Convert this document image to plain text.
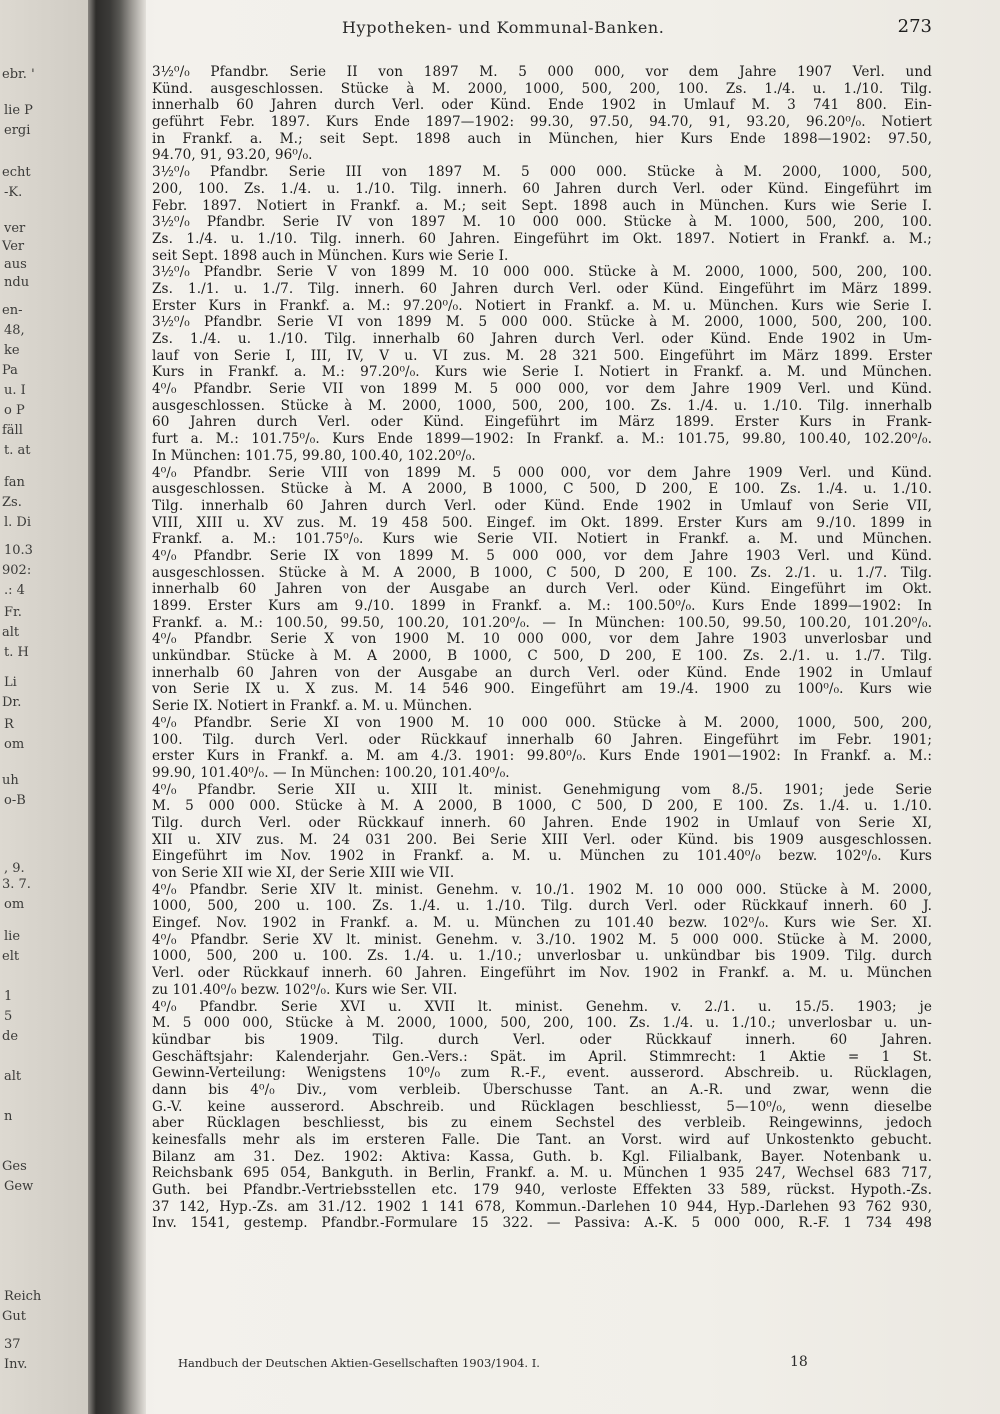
ebr. '
lie P
ergi
echt
-K.
ver
Ver
aus
ndu
en-
48,
ke
Pa
u. I
o P
fäll
t. at
fan
Zs.
l. Di
10.3
902:
.: 4
Fr.
alt
t. H
Li
Dr.
R
om
uh
o-B
, 9.
3. 7.
om
lie
elt
1
5
de
alt
n
Ges
Gew
Reich
Gut
37
Inv.
Hypotheken- und Kommunal-Banken.	273
3½⁰/₀ Pfandbr. Serie II von 1897 M. 5 000 000, vor dem Jahre 1907 Verl. und
Künd. ausgeschlossen. Stücke à M. 2000, 1000, 500, 200, 100. Zs. 1./4. u. 1./10. Tilg.
innerhalb 60 Jahren durch Verl. oder Künd. Ende 1902 in Umlauf M. 3 741 800. Ein-
geführt Febr. 1897. Kurs Ende 1897—1902: 99.30, 97.50, 94.70, 91, 93.20, 96.20⁰/₀. Notiert
in Frankf. a. M.; seit Sept. 1898 auch in München, hier Kurs Ende 1898—1902: 97.50,
94.70, 91, 93.20, 96⁰/₀.
3½⁰/₀ Pfandbr. Serie III von 1897 M. 5 000 000. Stücke à M. 2000, 1000, 500,
200, 100. Zs. 1./4. u. 1./10. Tilg. innerh. 60 Jahren durch Verl. oder Künd. Eingeführt im
Febr. 1897. Notiert in Frankf. a. M.; seit Sept. 1898 auch in München. Kurs wie Serie I.
3½⁰/₀ Pfandbr. Serie IV von 1897 M. 10 000 000. Stücke à M. 1000, 500, 200, 100.
Zs. 1./4. u. 1./10. Tilg. innerh. 60 Jahren. Eingeführt im Okt. 1897. Notiert in Frankf. a. M.;
seit Sept. 1898 auch in München. Kurs wie Serie I.
3½⁰/₀ Pfandbr. Serie V von 1899 M. 10 000 000. Stücke à M. 2000, 1000, 500, 200, 100.
Zs. 1./1. u. 1./7. Tilg. innerh. 60 Jahren durch Verl. oder Künd. Eingeführt im März 1899.
Erster Kurs in Frankf. a. M.: 97.20⁰/₀. Notiert in Frankf. a. M. u. München. Kurs wie Serie I.
3½⁰/₀ Pfandbr. Serie VI von 1899 M. 5 000 000. Stücke à M. 2000, 1000, 500, 200, 100.
Zs. 1./4. u. 1./10. Tilg. innerhalb 60 Jahren durch Verl. oder Künd. Ende 1902 in Um-
lauf von Serie I, III, IV, V u. VI zus. M. 28 321 500. Eingeführt im März 1899. Erster
Kurs in Frankf. a. M.: 97.20⁰/₀. Kurs wie Serie I. Notiert in Frankf. a. M. und München.
4⁰/₀ Pfandbr. Serie VII von 1899 M. 5 000 000, vor dem Jahre 1909 Verl. und Künd.
ausgeschlossen. Stücke à M. 2000, 1000, 500, 200, 100. Zs. 1./4. u. 1./10. Tilg. innerhalb
60 Jahren durch Verl. oder Künd. Eingeführt im März 1899. Erster Kurs in Frank-
furt a. M.: 101.75⁰/₀. Kurs Ende 1899—1902: In Frankf. a. M.: 101.75, 99.80, 100.40, 102.20⁰/₀.
In München: 101.75, 99.80, 100.40, 102.20⁰/₀.
4⁰/₀ Pfandbr. Serie VIII von 1899 M. 5 000 000, vor dem Jahre 1909 Verl. und Künd.
ausgeschlossen. Stücke à M. A 2000, B 1000, C 500, D 200, E 100. Zs. 1./4. u. 1./10.
Tilg. innerhalb 60 Jahren durch Verl. oder Künd. Ende 1902 in Umlauf von Serie VII,
VIII, XIII u. XV zus. M. 19 458 500. Eingef. im Okt. 1899. Erster Kurs am 9./10. 1899 in
Frankf. a. M.: 101.75⁰/₀. Kurs wie Serie VII. Notiert in Frankf. a. M. und München.
4⁰/₀ Pfandbr. Serie IX von 1899 M. 5 000 000, vor dem Jahre 1903 Verl. und Künd.
ausgeschlossen. Stücke à M. A 2000, B 1000, C 500, D 200, E 100. Zs. 2./1. u. 1./7. Tilg.
innerhalb 60 Jahren von der Ausgabe an durch Verl. oder Künd. Eingeführt im Okt.
1899. Erster Kurs am 9./10. 1899 in Frankf. a. M.: 100.50⁰/₀. Kurs Ende 1899—1902: In
Frankf. a. M.: 100.50, 99.50, 100.20, 101.20⁰/₀. — In München: 100.50, 99.50, 100.20, 101.20⁰/₀.
4⁰/₀ Pfandbr. Serie X von 1900 M. 10 000 000, vor dem Jahre 1903 unverlosbar und
unkündbar. Stücke à M. A 2000, B 1000, C 500, D 200, E 100. Zs. 2./1. u. 1./7. Tilg.
innerhalb 60 Jahren von der Ausgabe an durch Verl. oder Künd. Ende 1902 in Umlauf
von Serie IX u. X zus. M. 14 546 900. Eingeführt am 19./4. 1900 zu 100⁰/₀. Kurs wie
Serie IX. Notiert in Frankf. a. M. u. München.
4⁰/₀ Pfandbr. Serie XI von 1900 M. 10 000 000. Stücke à M. 2000, 1000, 500, 200,
100. Tilg. durch Verl. oder Rückkauf innerhalb 60 Jahren. Eingeführt im Febr. 1901;
erster Kurs in Frankf. a. M. am 4./3. 1901: 99.80⁰/₀. Kurs Ende 1901—1902: In Frankf. a. M.:
99.90, 101.40⁰/₀. — In München: 100.20, 101.40⁰/₀.
4⁰/₀ Pfandbr. Serie XII u. XIII lt. minist. Genehmigung vom 8./5. 1901; jede Serie
M. 5 000 000. Stücke à M. A 2000, B 1000, C 500, D 200, E 100. Zs. 1./4. u. 1./10.
Tilg. durch Verl. oder Rückkauf innerh. 60 Jahren. Ende 1902 in Umlauf von Serie XI,
XII u. XIV zus. M. 24 031 200. Bei Serie XIII Verl. oder Künd. bis 1909 ausgeschlossen.
Eingeführt im Nov. 1902 in Frankf. a. M. u. München zu 101.40⁰/₀ bezw. 102⁰/₀. Kurs
von Serie XII wie XI, der Serie XIII wie VII.
4⁰/₀ Pfandbr. Serie XIV lt. minist. Genehm. v. 10./1. 1902 M. 10 000 000. Stücke à M. 2000,
1000, 500, 200 u. 100. Zs. 1./4. u. 1./10. Tilg. durch Verl. oder Rückkauf innerh. 60 J.
Eingef. Nov. 1902 in Frankf. a. M. u. München zu 101.40 bezw. 102⁰/₀. Kurs wie Ser. XI.
4⁰/₀ Pfandbr. Serie XV lt. minist. Genehm. v. 3./10. 1902 M. 5 000 000. Stücke à M. 2000,
1000, 500, 200 u. 100. Zs. 1./4. u. 1./10.; unverlosbar u. unkündbar bis 1909. Tilg. durch
Verl. oder Rückkauf innerh. 60 Jahren. Eingeführt im Nov. 1902 in Frankf. a. M. u. München
zu 101.40⁰/₀ bezw. 102⁰/₀. Kurs wie Ser. VII.
4⁰/₀ Pfandbr. Serie XVI u. XVII lt. minist. Genehm. v. 2./1. u. 15./5. 1903; je
M. 5 000 000, Stücke à M. 2000, 1000, 500, 200, 100. Zs. 1./4. u. 1./10.; unverlosbar u. un-
kündbar bis 1909. Tilg. durch Verl. oder Rückkauf innerh. 60 Jahren.
Geschäftsjahr: Kalenderjahr. Gen.-Vers.: Spät. im April. Stimmrecht: 1 Aktie = 1 St.
Gewinn-Verteilung: Wenigstens 10⁰/₀ zum R.-F., event. ausserord. Abschreib. u. Rücklagen,
dann bis 4⁰/₀ Div., vom verbleib. Überschusse Tant. an A.-R. und zwar, wenn die
G.-V. keine ausserord. Abschreib. und Rücklagen beschliesst, 5—10⁰/₀, wenn dieselbe
aber Rücklagen beschliesst, bis zu einem Sechstel des verbleib. Reingewinns, jedoch
keinesfalls mehr als im ersteren Falle. Die Tant. an Vorst. wird auf Unkostenkto gebucht.
Bilanz am 31. Dez. 1902: Aktiva: Kassa, Guth. b. Kgl. Filialbank, Bayer. Notenbank u.
Reichsbank 695 054, Bankguth. in Berlin, Frankf. a. M. u. München 1 935 247, Wechsel 683 717,
Guth. bei Pfandbr.-Vertriebsstellen etc. 179 940, verloste Effekten 33 589, rückst. Hypoth.-Zs.
37 142, Hyp.-Zs. am 31./12. 1902 1 141 678, Kommun.-Darlehen 10 944, Hyp.-Darlehen 93 762 930,
Inv. 1541, gestemp. Pfandbr.-Formulare 15 322. — Passiva: A.-K. 5 000 000, R.-F. 1 734 498
Handbuch der Deutschen Aktien-Gesellschaften 1903/1904. I.	18
